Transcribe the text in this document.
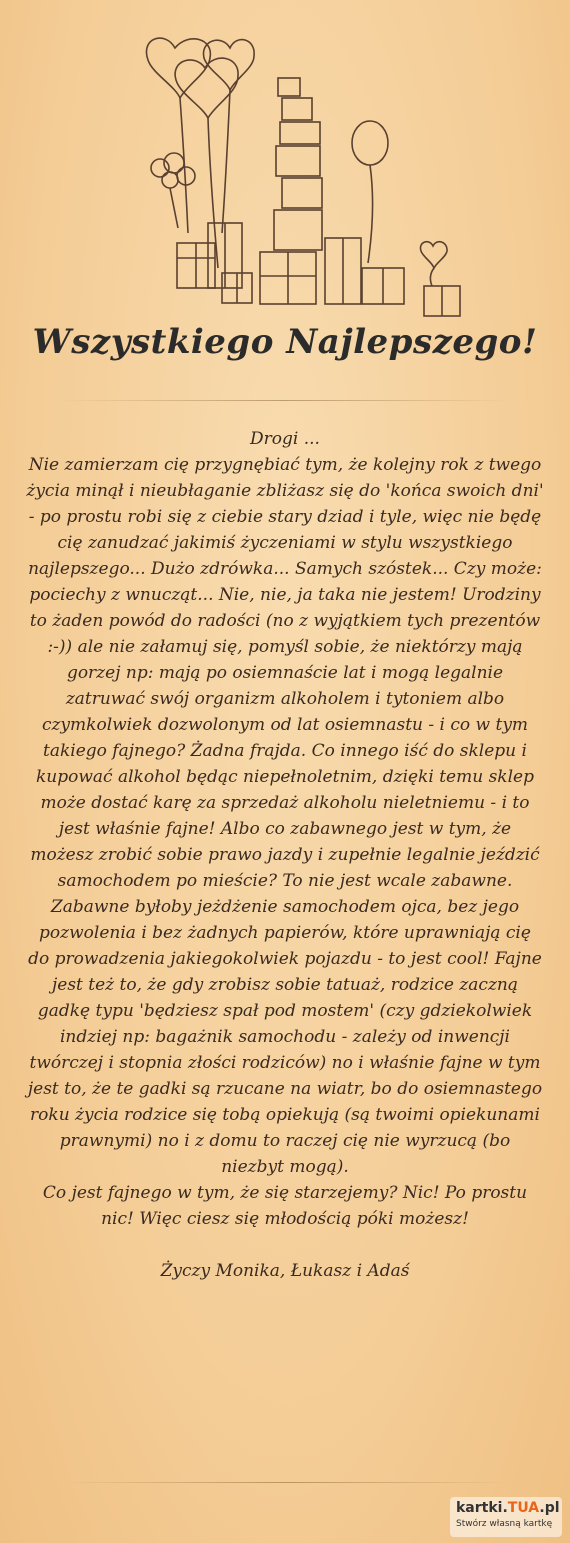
Wszystkiego Najlepszego!
Drogi ...
Nie zamierzam cię przygnębiać tym, że kolejny rok z twego życia minął i nieubłaganie zbliżasz się do 'końca swoich dni' - po prostu robi się z ciebie stary dziad i tyle, więc nie będę cię zanudzać jakimiś życzeniami w stylu wszystkiego najlepszego... Dużo zdrówka... Samych szóstek... Czy może: pociechy z wnucząt... Nie, nie, ja taka nie jestem! Urodziny to żaden powód do radości (no z wyjątkiem tych prezentów :-)) ale nie załamuj się, pomyśl sobie, że niektórzy mają gorzej np: mają po osiemnaście lat i mogą legalnie zatruwać swój organizm alkoholem i tytoniem albo czymkolwiek dozwolonym od lat osiemnastu - i co w tym takiego fajnego? Żadna frajda. Co innego iść do sklepu i kupować alkohol będąc niepełnoletnim, dzięki temu sklep może dostać karę za sprzedaż alkoholu nieletniemu - i to jest właśnie fajne! Albo co zabawnego jest w tym, że możesz zrobić sobie prawo jazdy i zupełnie legalnie jeździć samochodem po mieście? To nie jest wcale zabawne. Zabawne byłoby jeżdżenie samochodem ojca, bez jego pozwolenia i bez żadnych papierów, które uprawniają cię do prowadzenia jakiegokolwiek pojazdu - to jest cool! Fajne jest też to, że gdy zrobisz sobie tatuaż, rodzice zaczną gadkę typu 'będziesz spał pod mostem' (czy gdziekolwiek indziej np: bagażnik samochodu - zależy od inwencji twórczej i stopnia złości rodziców) no i właśnie fajne w tym jest to, że te gadki są rzucane na wiatr, bo do osiemnastego roku życia rodzice się tobą opiekują (są twoimi opiekunami prawnymi) no i z domu to raczej cię nie wyrzucą (bo niezbyt mogą).
Co jest fajnego w tym, że się starzejemy? Nic! Po prostu nic! Więc ciesz się młodością póki możesz!

Życzy Monika, Łukasz i Adaś
kartki.TUA.pl
Stwórz własną kartkę
